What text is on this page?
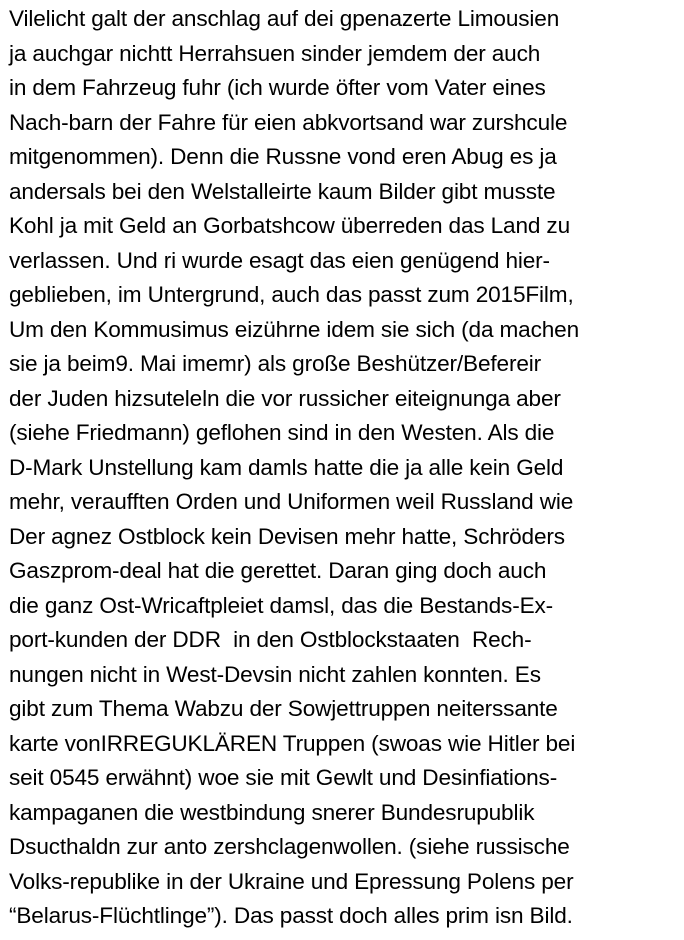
Vilelicht galt der anschlag auf dei gpenazerte Limousien
ja auchgar nichtt Herrahsuen sinder jemdem der auch
in dem Fahrzeug fuhr (ich wurde öfter vom Vater eines
Nach-barn der Fahre für eien abkvortsand war zurshcule
mitgenommen). Denn die Russne vond eren Abug es ja
andersals bei den Welstalleirte kaum Bilder gibt musste
Kohl ja mit Geld an Gorbatshcow überreden das Land zu
verlassen. Und ri wurde esagt das eien genügend hier-
geblieben, im Untergrund, auch das passt zum 2015Film,
Um den Kommusimus eizührne idem sie sich (da machen
sie ja beim9. Mai imemr) als große Beshützer/Befereir
der Juden hizsuteleln die vor russicher eiteignunga aber
(siehe Friedmann) geflohen sind in den Westen. Als die
D-Mark Unstellung kam damls hatte die ja alle kein Geld
mehr, veraufften Orden und Uniformen weil Russland wie
Der agnez Ostblock kein Devisen mehr hatte, Schröders
Gaszprom-deal hat die gerettet. Daran ging doch auch
die ganz Ost-Wricaftpleiet damsl, das die Bestands-Ex-
port-kunden der DDR  in den Ostblockstaaten  Rech-
nungen nicht in West-Devsin nicht zahlen konnten. Es
gibt zum Thema Wabzu der Sowjettruppen neiterssante
karte vonIRREGUKLÄREN Truppen (swoas wie Hitler bei
seit 0545 erwähnt) woe sie mit Gewlt und Desinfiations-
kampaganen die westbindung snerer Bundesrupublik
Dsucthaldn zur anto zershclagenwollen. (siehe russische
Volks-republike in der Ukraine und Epressung Polens per
“Belarus-Flüchtlinge”). Das passt doch alles prim isn Bild.
